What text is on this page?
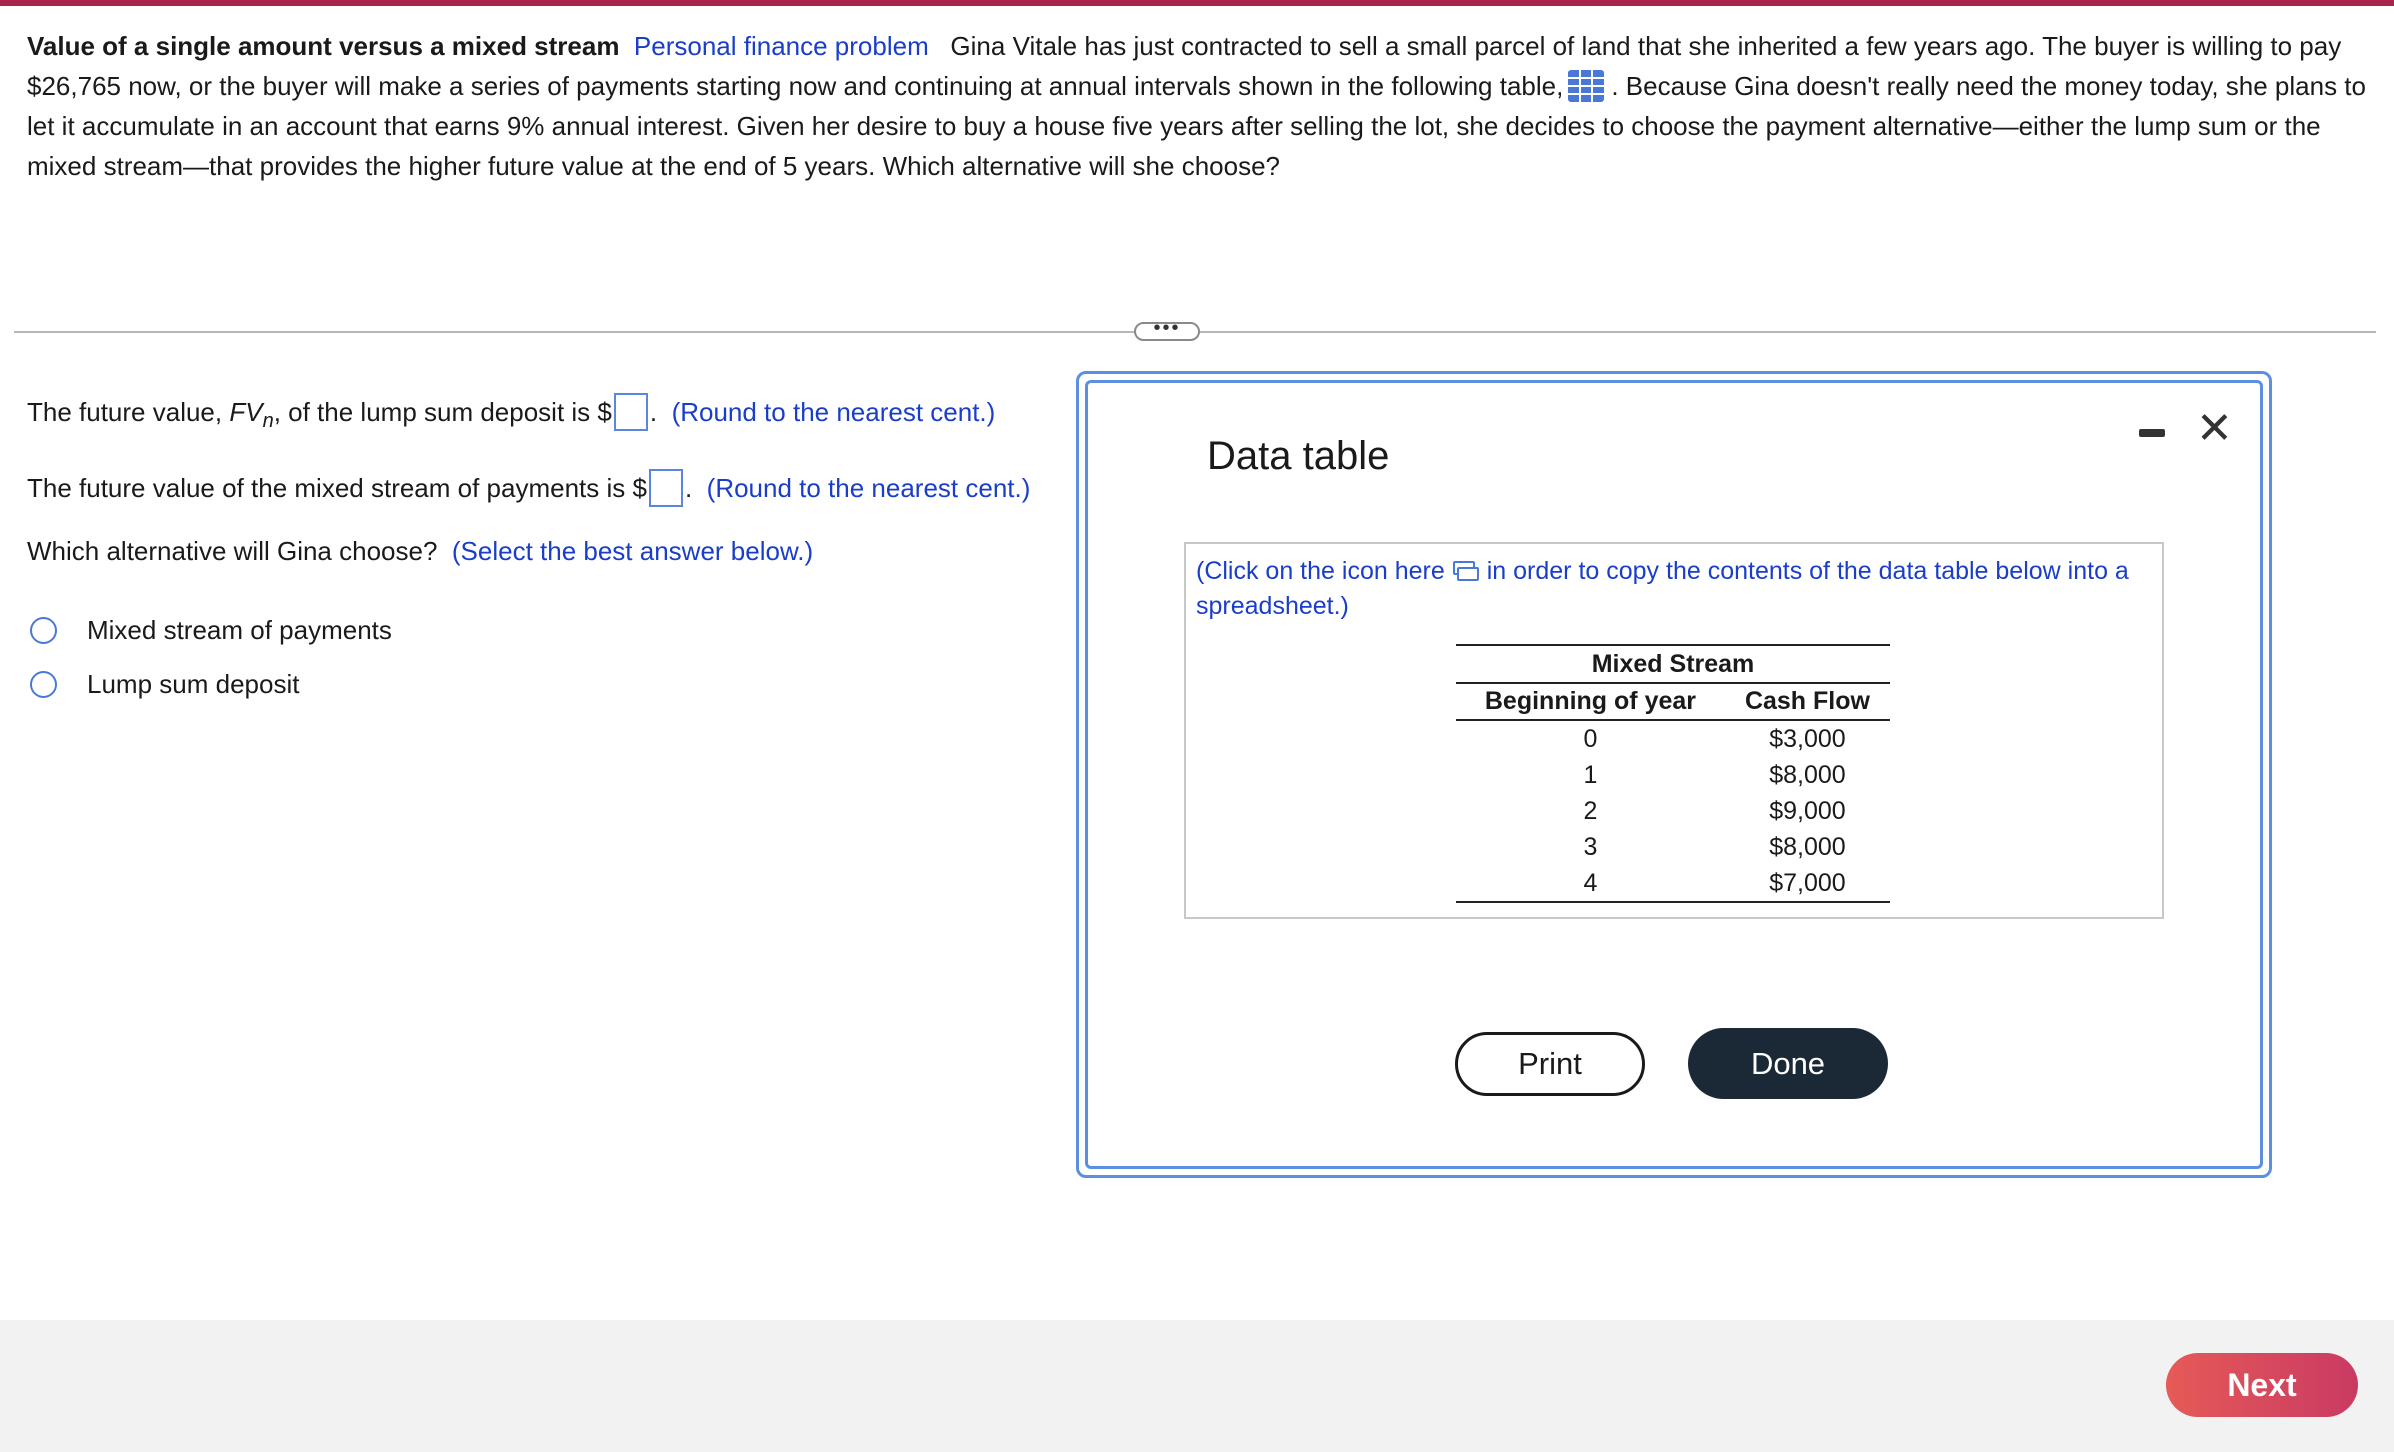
Value of a single amount versus a mixed stream Personal finance problem Gina Vitale has just contracted to sell a small parcel of land that she inherited a few years ago. The buyer is willing to pay $26,765 now, or the buyer will make a series of payments starting now and continuing at annual intervals shown in the following table, . Because Gina doesn't really need the money today, she plans to let it accumulate in an account that earns 9% annual interest. Given her desire to buy a house five years after selling the lot, she decides to choose the payment alternative—either the lump sum or the mixed stream—that provides the higher future value at the end of 5 years. Which alternative will she choose?
•••
The future value, $FV_n$, of the lump sum deposit is $ . (Round to the nearest cent.)
The future value of the mixed stream of payments is $ . (Round to the nearest cent.)
Which alternative will Gina choose? (Select the best answer below.)
Mixed stream of payments
Lump sum deposit
Data table
✕
(Click on the icon here in order to copy the contents of the data table below into a spreadsheet.)
Mixed Stream	
Beginning of year	Cash Flow
0	$3,000
1	$8,000
2	$9,000
3	$8,000
4	$7,000
Print	Done
Next
